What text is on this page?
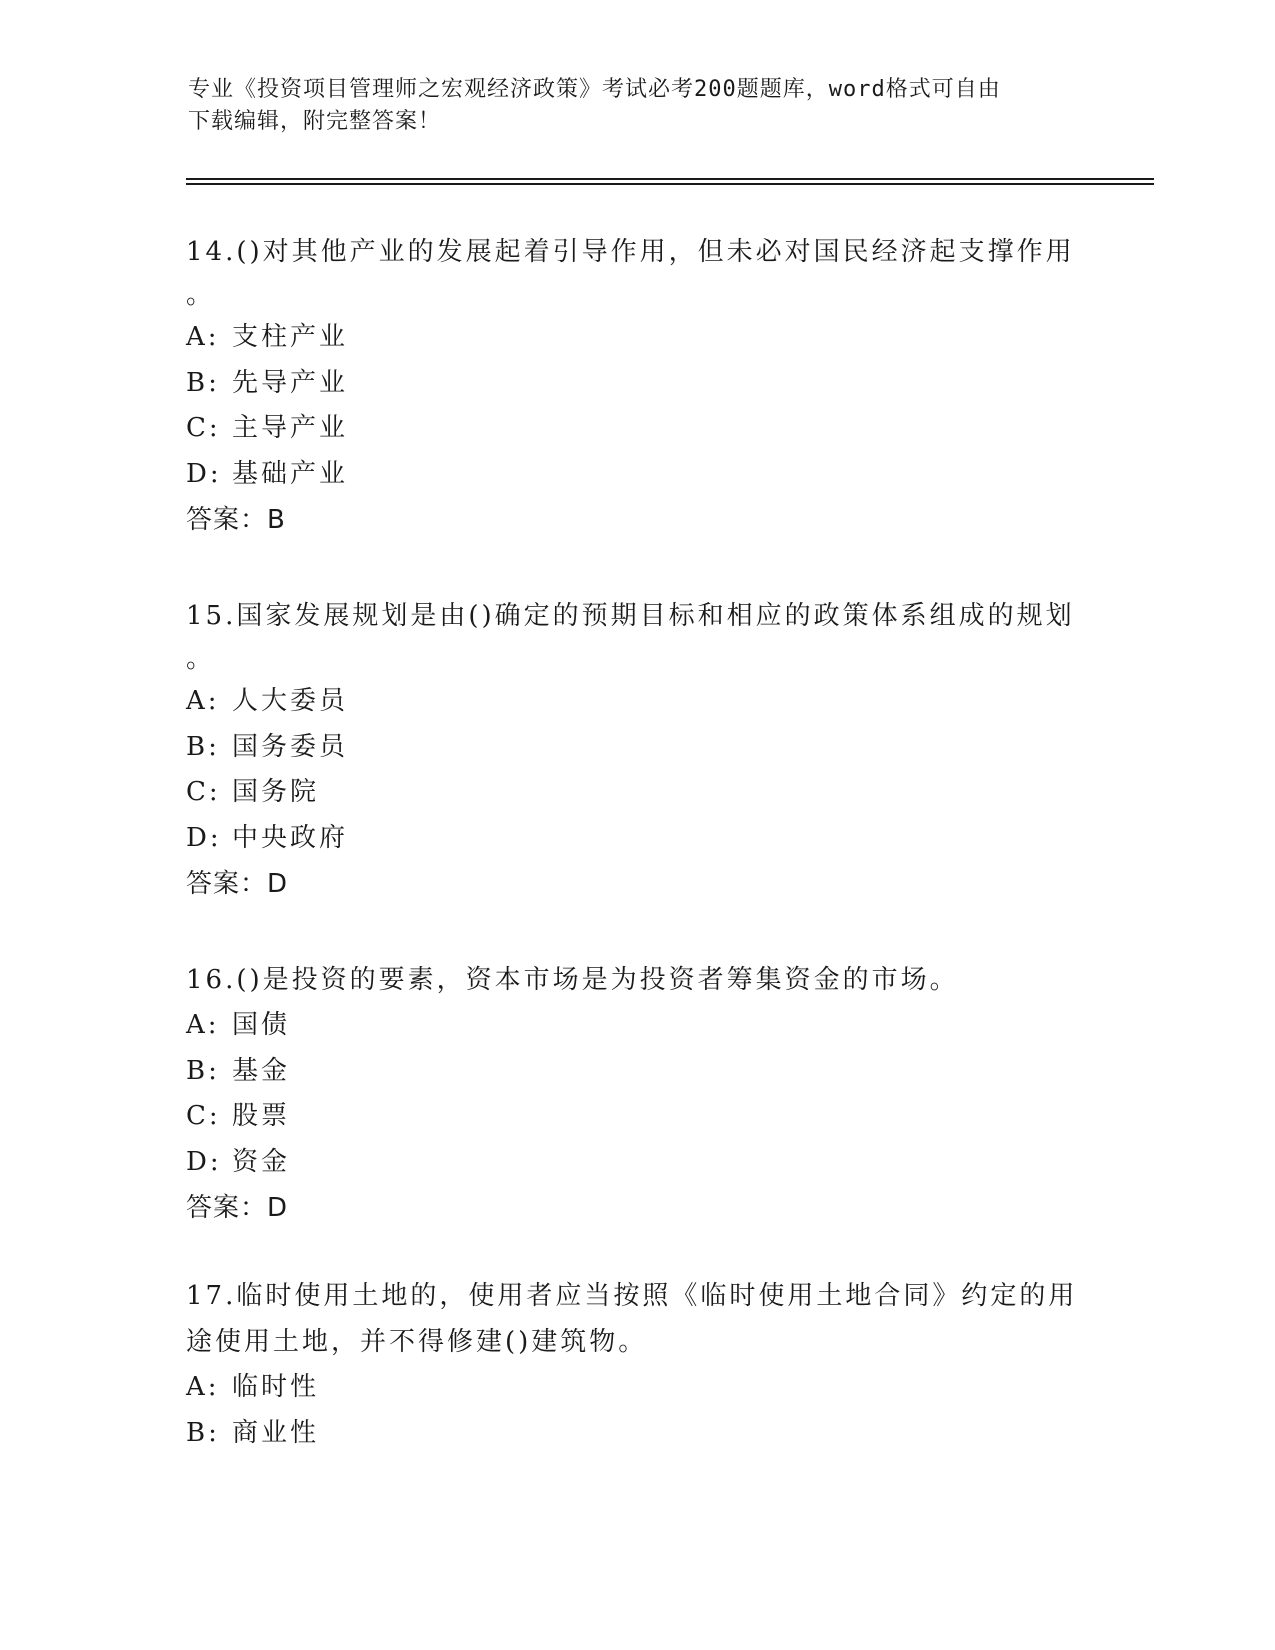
专业《投资项目管理师之宏观经济政策》考试必考200题题库，word格式可自由
下载编辑，附完整答案！

14.()对其他产业的发展起着引导作用，但未必对国民经济起支撑作用

。

A: 支柱产业

B: 先导产业

C: 主导产业

D: 基础产业

答案：B

15.国家发展规划是由()确定的预期目标和相应的政策体系组成的规划

。

A: 人大委员

B: 国务委员

C: 国务院

D: 中央政府

答案：D

16.()是投资的要素，资本市场是为投资者筹集资金的市场。

A: 国债

B: 基金

C: 股票

D: 资金

答案：D

17.临时使用土地的，使用者应当按照《临时使用土地合同》约定的用

途使用土地，并不得修建()建筑物。

A: 临时性

B: 商业性
